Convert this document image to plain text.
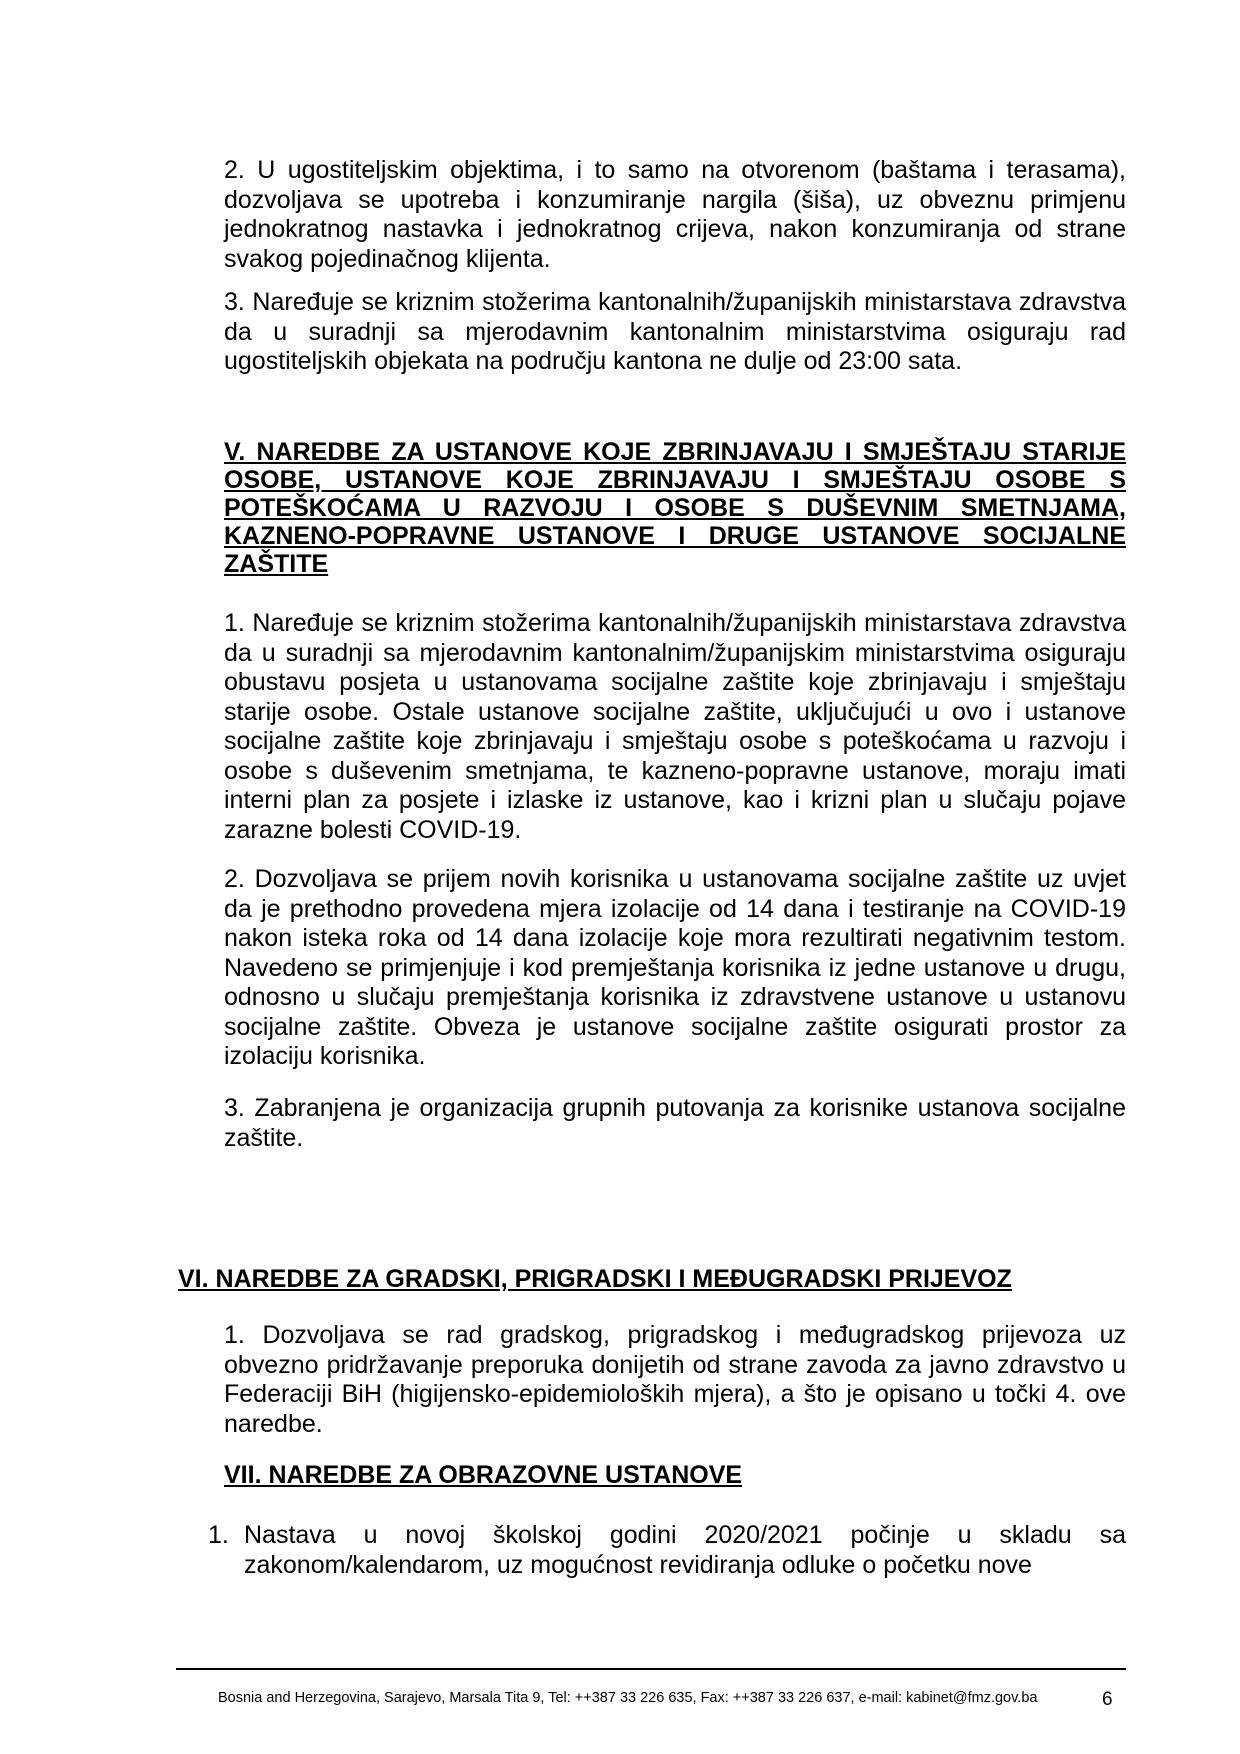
2. U ugostiteljskim objektima, i to samo na otvorenom (baštama i terasama), dozvoljava se upotreba i konzumiranje nargila (šiša), uz obveznu primjenu jednokratnog nastavka i jednokratnog crijeva, nakon konzumiranja od strane svakog pojedinačnog klijenta.

3. Naređuje se kriznim stožerima kantonalnih/županijskih ministarstava zdravstva da u suradnji sa mjerodavnim kantonalnim ministarstvima osiguraju rad ugostiteljskih objekata na području kantona ne dulje od 23:00 sata.

V. NAREDBE ZA USTANOVE KOJE ZBRINJAVAJU I SMJEŠTAJU STARIJE OSOBE, USTANOVE KOJE ZBRINJAVAJU I SMJEŠTAJU OSOBE S POTEŠKOĆAMA U RAZVOJU I OSOBE S DUŠEVNIM SMETNJAMA, KAZNENO-POPRAVNE USTANOVE I DRUGE USTANOVE SOCIJALNE ZAŠTITE

1. Naređuje se kriznim stožerima kantonalnih/županijskih ministarstava zdravstva da u suradnji sa mjerodavnim kantonalnim/županijskim ministarstvima osiguraju obustavu posjeta u ustanovama socijalne zaštite koje zbrinjavaju i smještaju starije osobe. Ostale ustanove socijalne zaštite, uključujući u ovo i ustanove socijalne zaštite koje zbrinjavaju i smještaju osobe s poteškoćama u razvoju i osobe s duševenim smetnjama, te kazneno-popravne ustanove, moraju imati interni plan za posjete i izlaske iz ustanove, kao i krizni plan u slučaju pojave zarazne bolesti COVID-19.

2. Dozvoljava se prijem novih korisnika u ustanovama socijalne zaštite uz uvjet da je prethodno provedena mjera izolacije od 14 dana i testiranje na COVID-19 nakon isteka roka od 14 dana izolacije koje mora rezultirati negativnim testom. Navedeno se primjenjuje i kod premještanja korisnika iz jedne ustanove u drugu, odnosno u slučaju premještanja korisnika iz zdravstvene ustanove u ustanovu socijalne zaštite. Obveza je ustanove socijalne zaštite osigurati prostor za izolaciju korisnika.

3. Zabranjena je organizacija grupnih putovanja za korisnike ustanova socijalne zaštite.

VI. NAREDBE ZA GRADSKI, PRIGRADSKI I MEĐUGRADSKI PRIJEVOZ

1. Dozvoljava se rad gradskog, prigradskog i međugradskog prijevoza uz obvezno pridržavanje preporuka donijetih od strane zavoda za javno zdravstvo u Federaciji BiH (higijensko-epidemioloških mjera), a što je opisano u točki 4. ove naredbe.

VII. NAREDBE ZA OBRAZOVNE USTANOVE

1. Nastava u novoj školskoj godini 2020/2021 počinje u skladu sa zakonom/kalendarom, uz mogućnost revidiranja odluke o početku nove
Bosnia and Herzegovina, Sarajevo, Marsala Tita 9, Tel: ++387 33 226 635, Fax: ++387 33 226 637, e-mail: kabinet@fmz.gov.ba	6
